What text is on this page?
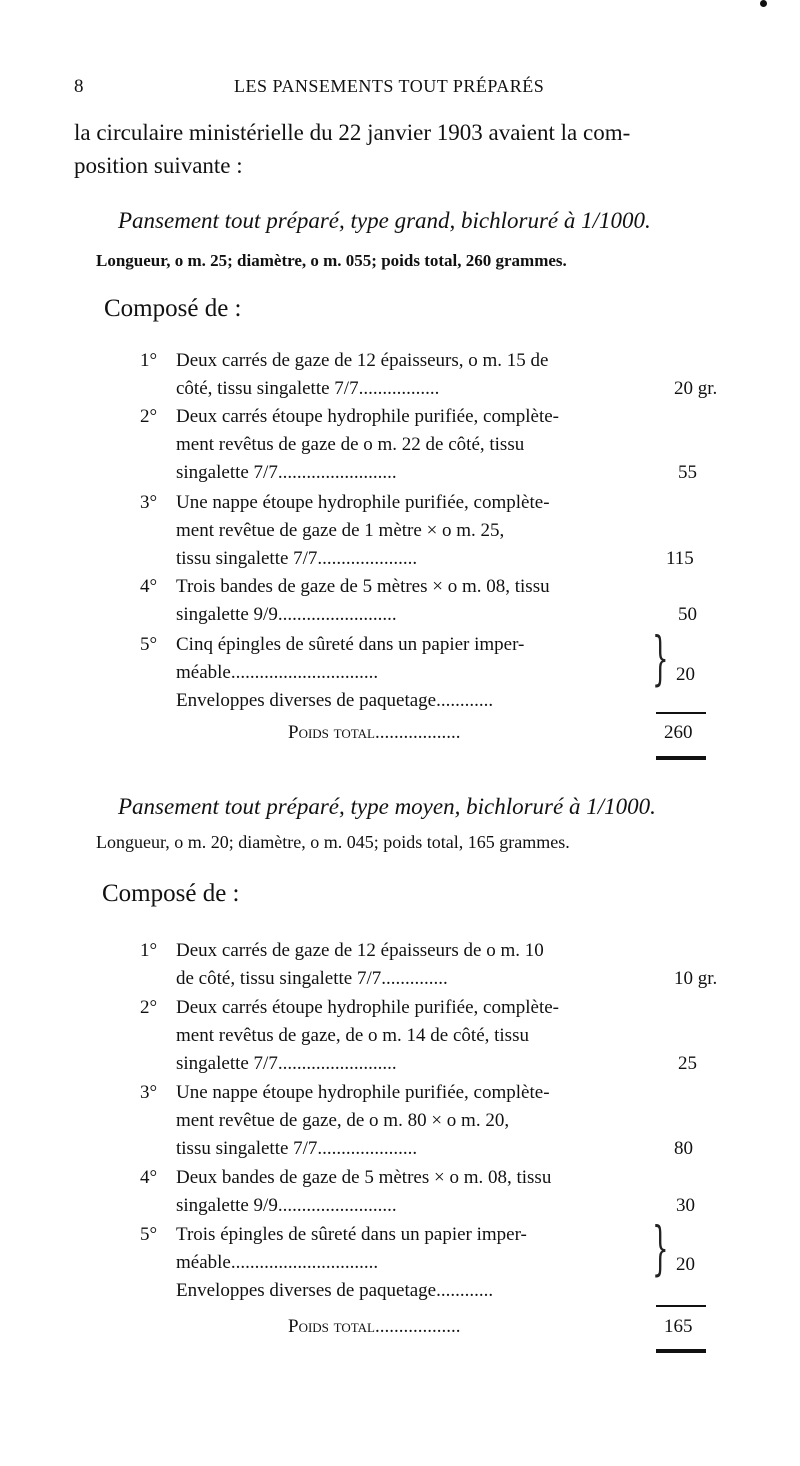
8	LES PANSEMENTS TOUT PRÉPARÉS
la circulaire ministérielle du 22 janvier 1903 avaient la com-
position suivante :
Pansement tout préparé, type grand, bichloruré à 1/1000.
Longueur, o m. 25; diamètre, o m. 055; poids total, 260 grammes.
Composé de :
1° Deux carrés de gaze de 12 épaisseurs, o m. 15 de
côté, tissu singalette 7/7.................	20 gr.
2° Deux carrés étoupe hydrophile purifiée, complète-
ment revêtus de gaze de o m. 22 de côté, tissu
singalette 7/7.........................	55
3° Une nappe étoupe hydrophile purifiée, complète-
ment revêtue de gaze de 1 mètre × o m. 25,
tissu singalette 7/7.....................	115
4° Trois bandes de gaze de 5 mètres × o m. 08, tissu
singalette 9/9.........................	50
5° Cinq épingles de sûreté dans un papier imper-
méable...............................
Enveloppes diverses de paquetage............
} 20
Poids total..................	260
Pansement tout préparé, type moyen, bichloruré à 1/1000.
Longueur, o m. 20; diamètre, o m. 045; poids total, 165 grammes.
Composé de :
1° Deux carrés de gaze de 12 épaisseurs de o m. 10
de côté, tissu singalette 7/7..............	10 gr.
2° Deux carrés étoupe hydrophile purifiée, complète-
ment revêtus de gaze, de o m. 14 de côté, tissu
singalette 7/7.........................	25
3° Une nappe étoupe hydrophile purifiée, complète-
ment revêtue de gaze, de o m. 80 × o m. 20,
tissu singalette 7/7.....................	80
4° Deux bandes de gaze de 5 mètres × o m. 08, tissu
singalette 9/9.........................	30
5° Trois épingles de sûreté dans un papier imper-
méable...............................
Enveloppes diverses de paquetage............
} 20
Poids total..................	165
